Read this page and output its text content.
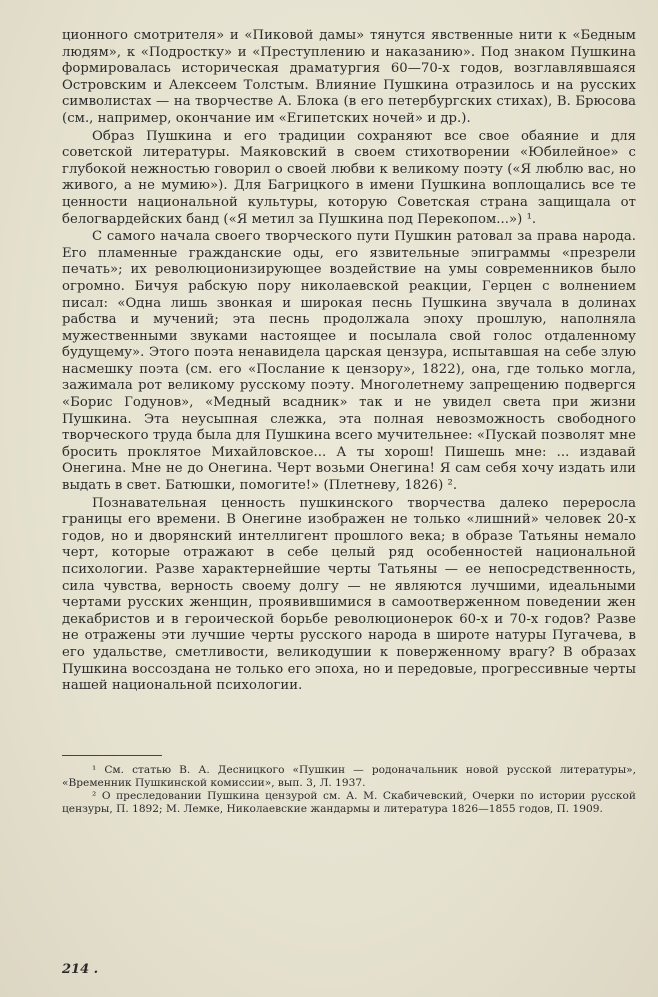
ционного смотрителя» и «Пиковой дамы» тянутся явственные нити к «Бедным людям», к «Подростку» и «Преступлению и наказанию». Под знаком Пушкина формировалась историческая драматургия 60—70-х годов, возглавлявшаяся Островским и Алексеем Толстым. Влияние Пушкина отразилось и на русских символистах — на творчестве А. Блока (в его петербургских стихах), В. Брюсова (см., например, окончание им «Египетских ночей» и др.).

Образ Пушкина и его традиции сохраняют все свое обаяние и для советской литературы. Маяковский в своем стихотворении «Юбилейное» с глубокой нежностью говорил о своей любви к великому поэту («Я люблю вас, но живого, а не мумию»). Для Багрицкого в имени Пушкина воплощались все те ценности национальной культуры, которую Советская страна защищала от белогвардейских банд («Я метил за Пушкина под Перекопом...») ¹.

С самого начала своего творческого пути Пушкин ратовал за права народа. Его пламенные гражданские оды, его язвительные эпиграммы «презрели печать»; их революционизирующее воздействие на умы современников было огромно. Бичуя рабскую пору николаевской реакции, Герцен с волнением писал: «Одна лишь звонкая и широкая песнь Пушкина звучала в долинах рабства и мучений; эта песнь продолжала эпоху прошлую, наполняла мужественными звуками настоящее и посылала свой голос отдаленному будущему». Этого поэта ненавидела царская цензура, испытавшая на себе злую насмешку поэта (см. его «Послание к цензору», 1822), она, где только могла, зажимала рот великому русскому поэту. Многолетнему запрещению подвергся «Борис Годунов», «Медный всадник» так и не увидел света при жизни Пушкина. Эта неусыпная слежка, эта полная невозможность свободного творческого труда была для Пушкина всего мучительнее: «Пускай позволят мне бросить проклятое Михайловское... А ты хорош! Пишешь мне: ... издавай Онегина. Мне не до Онегина. Черт возьми Онегина! Я сам себя хочу издать или выдать в свет. Батюшки, помогите!» (Плетневу, 1826) ².

Познавательная ценность пушкинского творчества далеко переросла границы его времени. В Онегине изображен не только «лишний» человек 20-х годов, но и дворянский интеллигент прошлого века; в образе Татьяны немало черт, которые отражают в себе целый ряд особенностей национальной психологии. Разве характернейшие черты Татьяны — ее непосредственность, сила чувства, верность своему долгу — не являются лучшими, идеальными чертами русских женщин, проявившимися в самоотверженном поведении жен декабристов и в героической борьбе революционерок 60-х и 70-х годов? Разве не отражены эти лучшие черты русского народа в широте натуры Пугачева, в его удальстве, сметливости, великодушии к поверженному врагу? В образах Пушкина воссоздана не только его эпоха, но и передовые, прогрессивные черты нашей национальной психологии.

¹ См. статью В. А. Десницкого «Пушкин — родоначальник новой русской литературы», «Временник Пушкинской комиссии», вып. 3, Л. 1937.

² О преследовании Пушкина цензурой см. А. М. Скабичевский, Очерки по истории русской цензуры, П. 1892; М. Лемке, Николаевские жандармы и литература 1826—1855 годов, П. 1909.

214 .
